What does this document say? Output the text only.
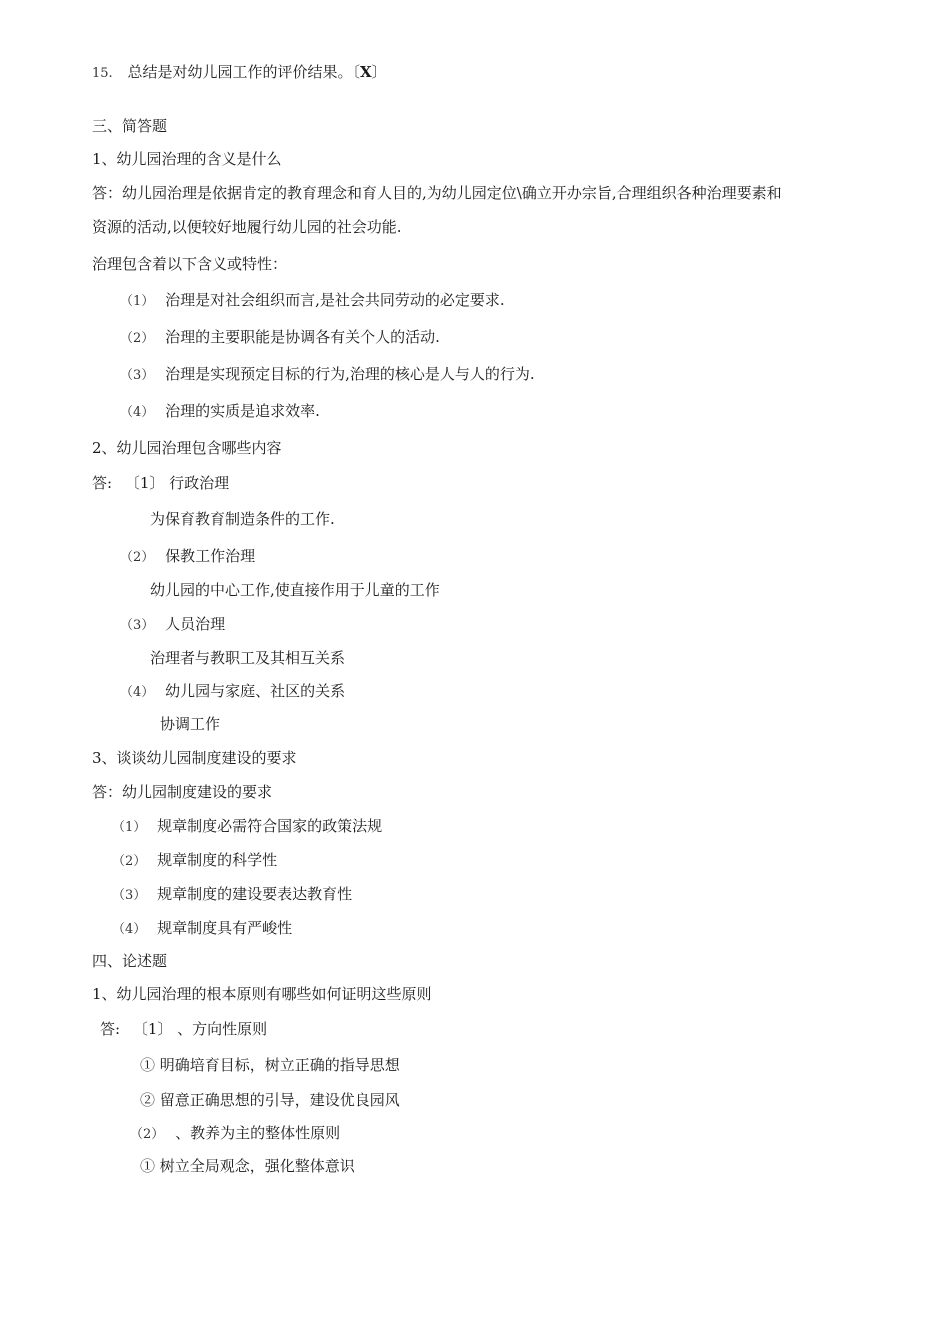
15. 总结是对幼儿园工作的评价结果。〔X〕
三、简答题
1、幼儿园治理的含义是什么
答：幼儿园治理是依据肯定的教育理念和育人目的,为幼儿园定位\确立开办宗旨,合理组织各种治理要素和
资源的活动,以便较好地履行幼儿园的社会功能.
治理包含着以下含义或特性：
（1） 治理是对社会组织而言,是社会共同劳动的必定要求.
（2） 治理的主要职能是协调各有关个人的活动.
（3） 治理是实现预定目标的行为,治理的核心是人与人的行为.
（4） 治理的实质是追求效率.
2、幼儿园治理包含哪些内容
答: 〔1〕 行政治理
为保育教育制造条件的工作.
（2） 保教工作治理
幼儿园的中心工作,使直接作用于儿童的工作
（3） 人员治理
治理者与教职工及其相互关系
（4） 幼儿园与家庭、社区的关系
协调工作
3、谈谈幼儿园制度建设的要求
答：幼儿园制度建设的要求
（1） 规章制度必需符合国家的政策法规
（2） 规章制度的科学性
（3） 规章制度的建设要表达教育性
（4） 规章制度具有严峻性
四、论述题
1、幼儿园治理的根本原则有哪些如何证明这些原则
答: 〔1〕 、方向性原则
① 明确培育目标，树立正确的指导思想
② 留意正确思想的引导，建设优良园风
（2） 、教养为主的整体性原则
① 树立全局观念，强化整体意识
